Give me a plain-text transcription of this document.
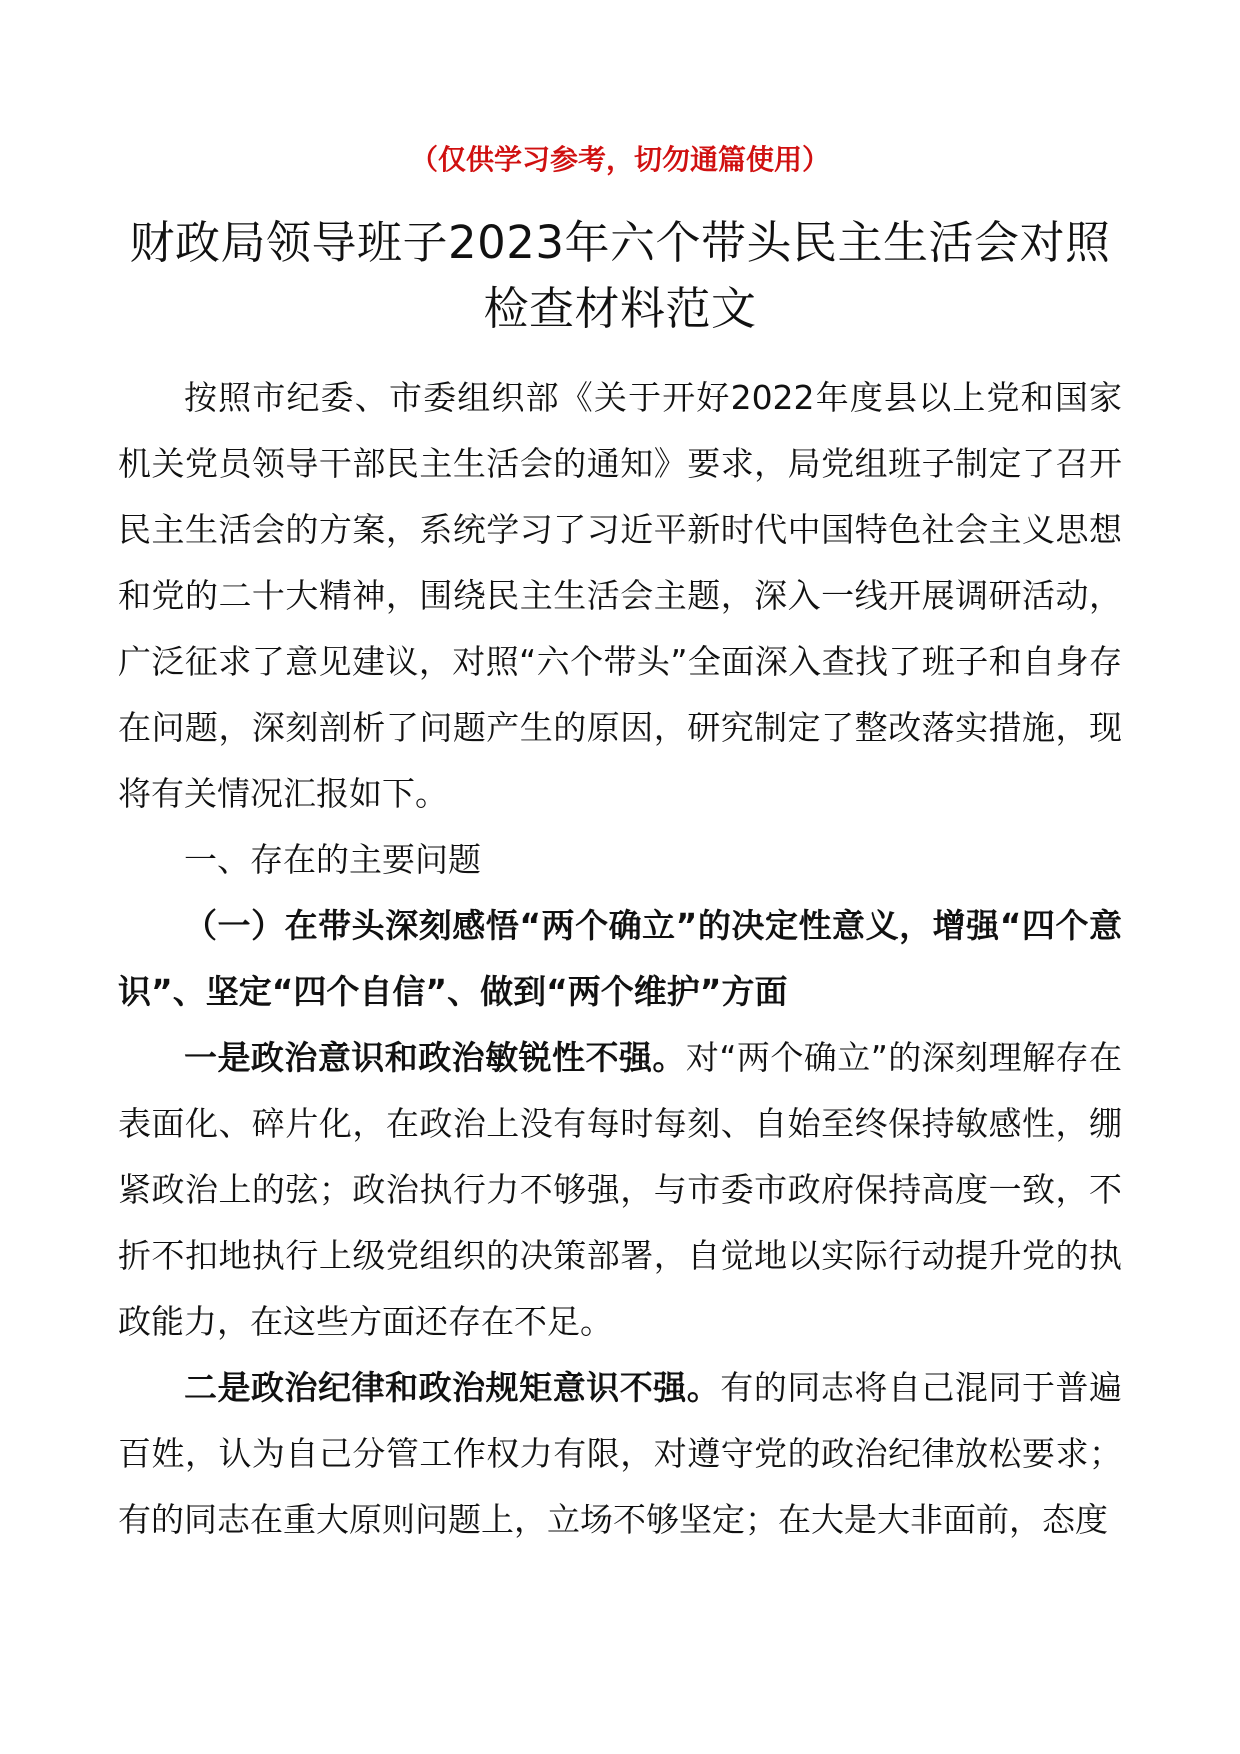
（仅供学习参考，切勿通篇使用）
财政局领导班子2023年六个带头民主生活会对照检查材料范文

按照市纪委、市委组织部《关于开好2022年度县以上党和国家机关党员领导干部民主生活会的通知》要求，局党组班子制定了召开民主生活会的方案，系统学习了习近平新时代中国特色社会主义思想和党的二十大精神，围绕民主生活会主题，深入一线开展调研活动，广泛征求了意见建议，对照“六个带头”全面深入查找了班子和自身存在问题，深刻剖析了问题产生的原因，研究制定了整改落实措施，现将有关情况汇报如下。

一、存在的主要问题

（一）在带头深刻感悟“两个确立”的决定性意义，增强“四个意识”、坚定“四个自信”、做到“两个维护”方面

一是政治意识和政治敏锐性不强。对“两个确立”的深刻理解存在表面化、碎片化，在政治上没有每时每刻、自始至终保持敏感性，绷紧政治上的弦；政治执行力不够强，与市委市政府保持高度一致，不折不扣地执行上级党组织的决策部署，自觉地以实际行动提升党的执政能力，在这些方面还存在不足。

二是政治纪律和政治规矩意识不强。有的同志将自己混同于普遍百姓，认为自己分管工作权力有限，对遵守党的政治纪律放松要求；有的同志在重大原则问题上，立场不够坚定；在大是大非面前，态度
